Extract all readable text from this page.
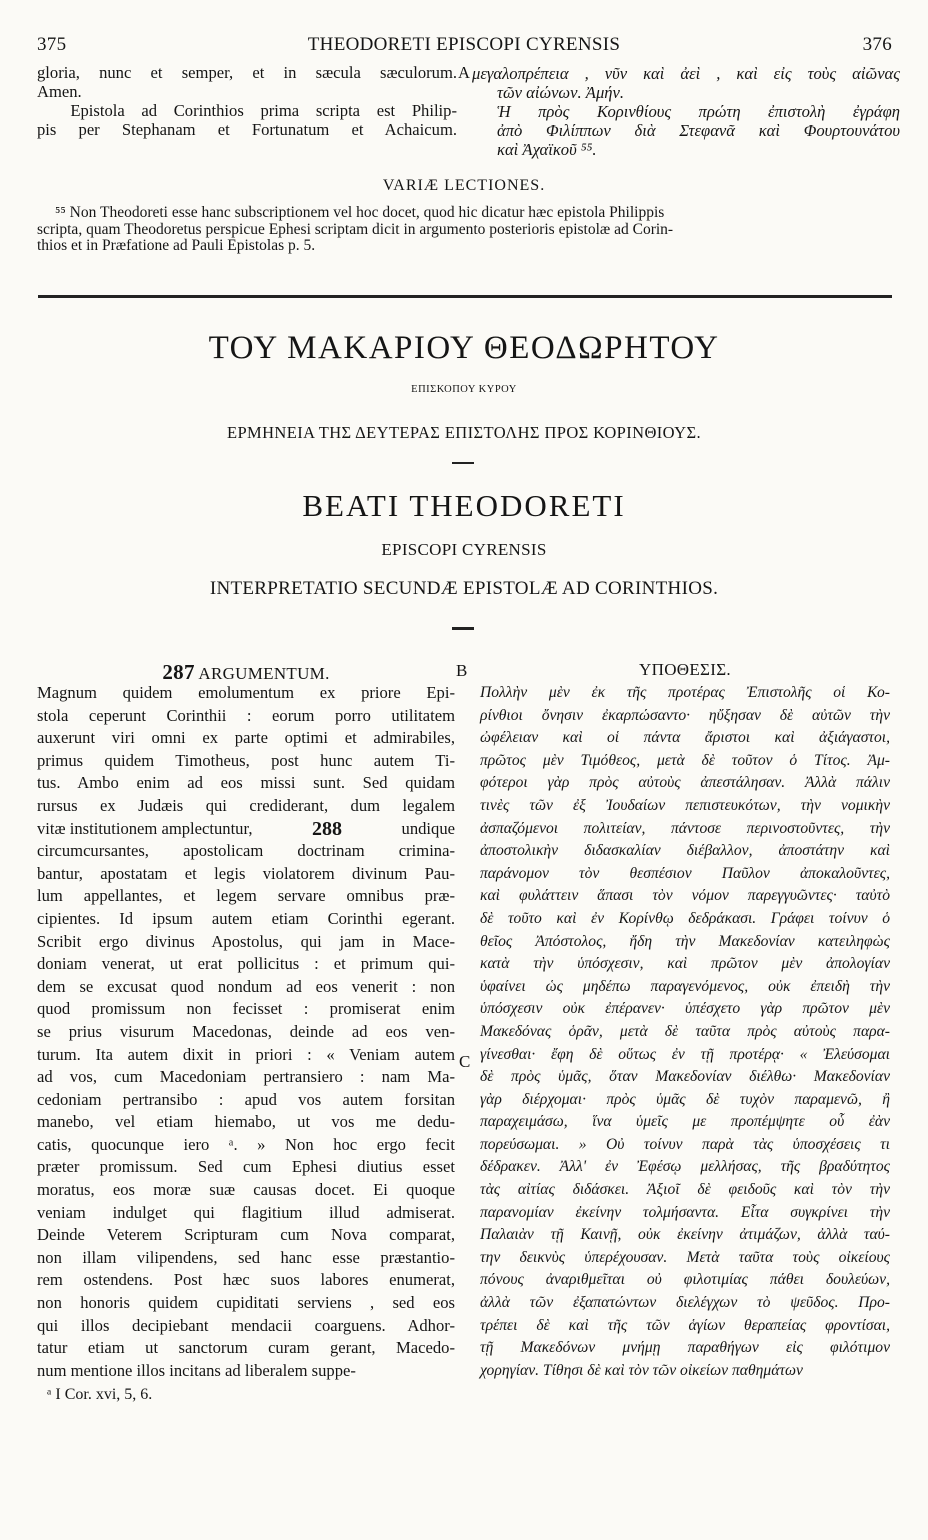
375	THEODORETI EPISCOPI CYRENSIS	376
gloria, nunc et semper, et in sæcula sæculorum.
Amen.
Epistola ad Corinthios prima scripta est Philip-
pis per Stephanam et Fortunatum et Achaicum.
A μεγαλοπρέπεια , νῦν καὶ ἀεὶ , καὶ εἰς τοὺς αἰῶνας
τῶν αἰώνων. Ἀμήν.
Ἡ πρὸς Κορινθίους πρώτη ἐπιστολὴ ἐγράφη
ἀπὸ Φιλίππων διὰ Στεφανᾶ καὶ Φουρτουνάτου
καὶ Ἀχαϊκοῦ ⁵⁵.
VARIÆ LECTIONES.

⁵⁵ Non Theodoreti esse hanc subscriptionem vel hoc docet, quod hic dicatur hæc epistola Philippis

scripta, quam Theodoretus perspicue Ephesi scriptam dicit in argumento posterioris epistolæ ad Corin-

thios et in Præfatione ad Pauli Epistolas p. 5.

ΤΟΥ ΜΑΚΑΡΙΟΥ ΘΕΟΔΩΡΗΤΟΥ
ΕΠΙΣΚΟΠΟΥ ΚΥΡΟΥ
ΕΡΜΗΝΕΙΑ ΤΗΣ ΔΕΥΤΕΡΑΣ ΕΠΙΣΤΟΛΗΣ ΠΡΟΣ ΚΟΡΙΝΘΙΟΥΣ.
BEATI THEODORETI
EPISCOPI CYRENSIS
INTERPRETATIO SECUNDÆ EPISTOLÆ AD CORINTHIOS.
B
C
287 ARGUMENTUM.
Magnum quidem emolumentum ex priore Epi-
stola ceperunt Corinthii : eorum porro utilitatem
auxerunt viri omni ex parte optimi et admirabiles,
primus quidem Timotheus, post hunc autem Ti-
tus. Ambo enim ad eos missi sunt. Sed quidam
rursus ex Judæis qui crediderant, dum legalem
vitæ institutionem amplectuntur,	288	undique
circumcursantes, apostolicam doctrinam crimina-
bantur, apostatam et legis violatorem divinum Pau-
lum appellantes, et legem servare omnibus præ-
cipientes. Id ipsum autem etiam Corinthi egerant.
Scribit ergo divinus Apostolus, qui jam in Mace-
doniam venerat, ut erat pollicitus : et primum qui-
dem se excusat quod nondum ad eos venerit : non
quod promissum non fecisset : promiserat enim
se prius visurum Macedonas, deinde ad eos ven-
turum. Ita autem dixit in priori : « Veniam autem
ad vos, cum Macedoniam pertransiero : nam Ma-
cedoniam pertransibo : apud vos autem forsitan
manebo, vel etiam hiemabo, ut vos me dedu-
catis, quocunque iero ᵃ. » Non hoc ergo fecit
præter promissum. Sed cum Ephesi diutius esset
moratus, eos moræ suæ causas docet. Ei quoque
veniam indulget qui flagitium illud admiserat.
Deinde Veterem Scripturam cum Nova comparat,
non illam vilipendens, sed hanc esse præstantio-
rem ostendens. Post hæc suos labores enumerat,
non honoris quidem cupiditati serviens , sed eos
qui illos decipiebant mendacii coarguens. Adhor-
tatur etiam ut sanctorum curam gerant, Macedo-
num mentione illos incitans ad liberalem suppe-
ᵃ I Cor. xvi, 5, 6.
ΥΠΟΘΕΣΙΣ.
Πολλὴν μὲν ἐκ τῆς προτέρας Ἐπιστολῆς οἱ Κο-
ρίνθιοι ὄνησιν ἐκαρπώσαντο· ηὔξησαν δὲ αὐτῶν τὴν
ὠφέλειαν καὶ οἱ πάντα ἄριστοι καὶ ἀξιάγαστοι,
πρῶτος μὲν Τιμόθεος, μετὰ δὲ τοῦτον ὁ Τίτος. Ἀμ-
φότεροι γὰρ πρὸς αὐτοὺς ἀπεστάλησαν. Ἀλλὰ πάλιν
τινὲς τῶν ἐξ Ἰουδαίων πεπιστευκότων, τὴν νομικὴν
ἀσπαζόμενοι πολιτείαν, πάντοσε περινοστοῦντες, τὴν
ἀποστολικὴν διδασκαλίαν διέβαλλον, ἀποστάτην καὶ
παράνομον τὸν θεσπέσιον Παῦλον ἀποκαλοῦντες,
καὶ φυλάττειν ἅπασι τὸν νόμον παρεγγυῶντες· ταὐτὸ
δὲ τοῦτο καὶ ἐν Κορίνθῳ δεδράκασι. Γράφει τοίνυν ὁ
θεῖος Ἀπόστολος, ἤδη τὴν Μακεδονίαν κατειληφὼς
κατὰ τὴν ὑπόσχεσιν, καὶ πρῶτον μὲν ἀπολογίαν
ὑφαίνει ὡς μηδέπω παραγενόμενος, οὐκ ἐπειδὴ τὴν
ὑπόσχεσιν οὐκ ἐπέρανεν· ὑπέσχετο γὰρ πρῶτον μὲν
Μακεδόνας ὁρᾶν, μετὰ δὲ ταῦτα πρὸς αὐτοὺς παρα-
γίνεσθαι· ἔφη δὲ οὕτως ἐν τῇ προτέρᾳ· « Ἐλεύσομαι
δὲ πρὸς ὑμᾶς, ὅταν Μακεδονίαν διέλθω· Μακεδονίαν
γὰρ διέρχομαι· πρὸς ὑμᾶς δὲ τυχὸν παραμενῶ, ἢ
παραχειμάσω, ἵνα ὑμεῖς με προπέμψητε οὗ ἐὰν
πορεύσωμαι. » Οὐ τοίνυν παρὰ τὰς ὑποσχέσεις τι
δέδρακεν. Ἀλλ' ἐν Ἐφέσῳ μελλήσας, τῆς βραδύτητος
τὰς αἰτίας διδάσκει. Ἀξιοῖ δὲ φειδοῦς καὶ τὸν τὴν
παρανομίαν ἐκείνην τολμήσαντα. Εἶτα συγκρίνει τὴν
Παλαιὰν τῇ Καινῇ, οὐκ ἐκείνην ἀτιμάζων, ἀλλὰ ταύ-
την δεικνὺς ὑπερέχουσαν. Μετὰ ταῦτα τοὺς οἰκείους
πόνους ἀναριθμεῖται οὐ φιλοτιμίας πάθει δουλεύων,
ἀλλὰ τῶν ἐξαπατώντων διελέγχων τὸ ψεῦδος. Προ-
τρέπει δὲ καὶ τῆς τῶν ἁγίων θεραπείας φροντίσαι,
τῇ Μακεδόνων μνήμῃ παραθήγων εἰς φιλότιμον
χορηγίαν. Τίθησι δὲ καὶ τὸν τῶν οἰκείων παθημάτων
